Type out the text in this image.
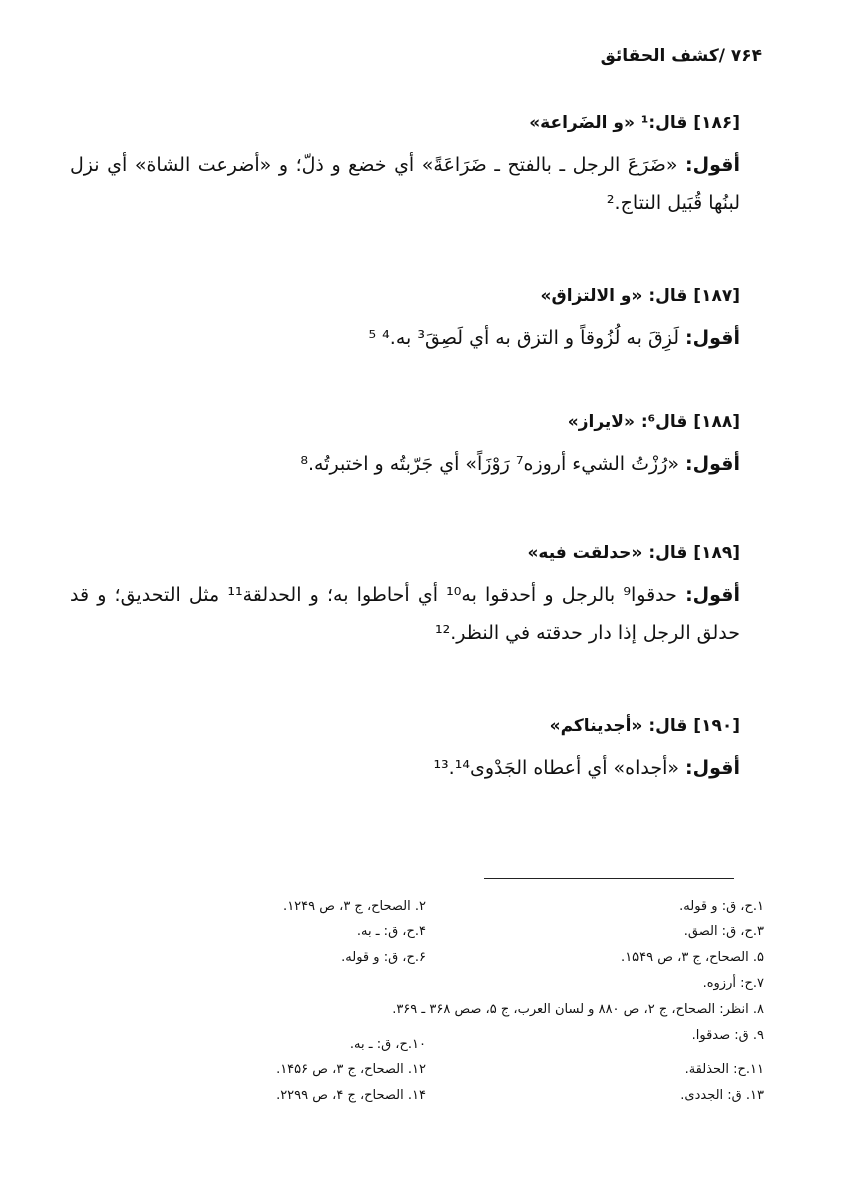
۷۶۴ /کشف الحقائق
[۱۸۶] قال:¹ «و الضَراعة»
أقول: «ضَرَعَ الرجل ـ بالفتح ـ ضَرَاعَةً» أي خضع و ذلّ؛ و «أضرعت الشاة» أي نزل لبنُها قُبَيل النتاج.²
[۱۸۷] قال: «و الالتزاق»
أقول: لَزِقَ به لُزُوقاً و التزق به أي لَصِقَ³ به.⁴ ⁵
[۱۸۸] قال⁶: «لايراز»
أقول: «رُزْتُ الشيء أروزه⁷ رَوْزَاً» أي جَرّبتُه و اختبرتُه.⁸
[۱۸۹] قال: «حدلقت فيه»
أقول: حدقوا⁹ بالرجل و أحدقوا به¹⁰ أي أحاطوا به؛ و الحدلقة¹¹ مثل التحديق؛ و قد حدلق الرجل إذا دار حدقته في النظر.¹²
[۱۹۰] قال: «أجديناكم»
أقول: «أجداه» أي أعطاه الجَدْوى¹³.¹⁴
۱.ح، ق: و قوله.
۲. الصحاح، ج ۳، ص ۱۲۴۹.
۳.ح، ق: الصق.
۴.ح، ق: ـ به.
۵. الصحاح، ج ۳، ص ۱۵۴۹.
۶.ح، ق: و قوله.
۷.ح: أرزوه.
۸. انظر: الصحاح، ج ۲، ص ۸۸۰ و لسان العرب، ج ۵، صص ۳۶۸ ـ ۳۶۹.
۹. ق: صدقوا.
۱۰.ح، ق: ـ به.
۱۱.ح: الحذلقة.
۱۲. الصحاح، ج ۳، ص ۱۴۵۶.
۱۳. ق: الجددی.
۱۴. الصحاح، ج ۴، ص ۲۲۹۹.
